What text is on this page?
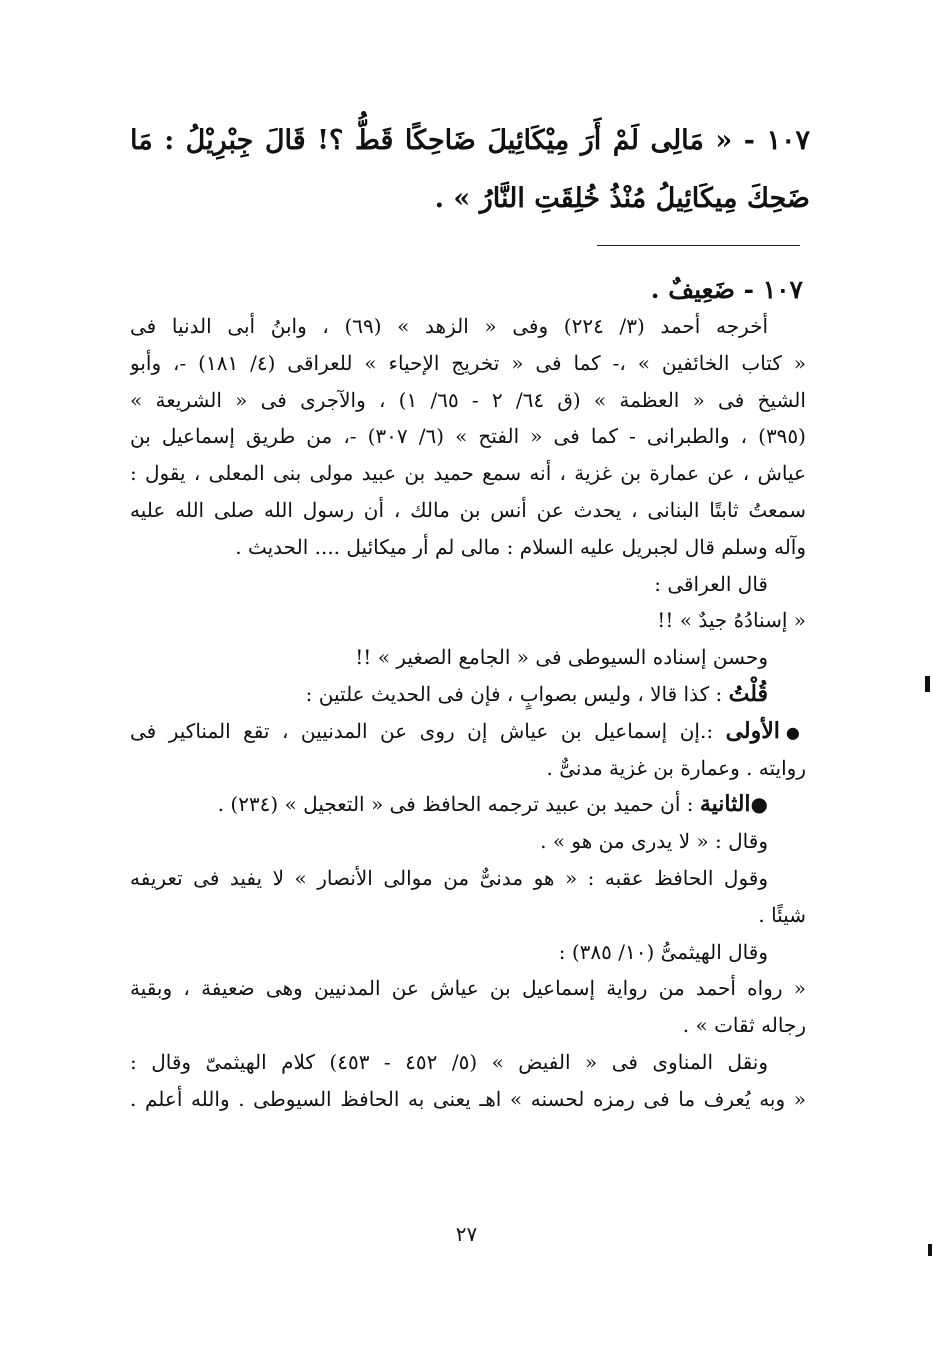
١٠٧ - « مَالِى لَمْ أَرَ مِيْكَائِيلَ ضَاحِكًا قَطُّ ؟! قَالَ جِبْرِيْلُ : مَا ضَحِكَ مِيكَائِيلُ مُنْذُ خُلِقَتِ النَّارُ » .
١٠٧ - ضَعِيفٌ .
أخرجه أحمد (٣/ ٢٢٤) وفى « الزهد » (٦٩) ، وابنُ أبى الدنيا فى
« كتاب الخائفين » ،- كما فى « تخريج الإحياء » للعراقى (٤/ ١٨١) -، وأبو
الشيخ فى « العظمة » (ق ٦٤/ ٢ - ٦٥/ ١) ، والآجرى فى « الشريعة »
(٣٩٥) ، والطبرانى - كما فى « الفتح » (٦/ ٣٠٧) -، من طريق إسماعيل بن
عياش ، عن عمارة بن غزية ، أنه سمع حميد بن عبيد مولى بنى المعلى ، يقول :
سمعتُ ثابتًا البنانى ، يحدث عن أنس بن مالك ، أن رسول الله صلى الله عليه
وآله وسلم قال لجبريل عليه السلام : مالى لم أر ميكائيل .... الحديث .
قال العراقى :
« إسنادُهُ جيدٌ » !!
وحسن إسناده السيوطى فى « الجامع الصغير » !!
قُلْتُ : كذا قالا ، وليس بصوابٍ ، فإن فى الحديث علتين :
●الأولى :.إن إسماعيل بن عياش إن روى عن المدنيين ، تقع المناكير فى
روايته . وعمارة بن غزية مدنىٌّ .
●الثانية : أن حميد بن عبيد ترجمه الحافظ فى « التعجيل » (٢٣٤) .
وقال : « لا يدرى من هو » .
وقول الحافظ عقبه : « هو مدنىٌّ من موالى الأنصار » لا يفيد فى تعريفه
شيئًا .
وقال الهيثمىُّ (١٠/ ٣٨٥) :
« رواه أحمد من رواية إسماعيل بن عياش عن المدنيين وهى ضعيفة ، وبقية
رجاله ثقات » .
ونقل المناوى فى « الفيض » (٥/ ٤٥٢ - ٤٥٣) كلام الهيثمىّ وقال :
« وبه يُعرف ما فى رمزه لحسنه » اهـ يعنى به الحافظ السيوطى . والله أعلم .
٢٧
